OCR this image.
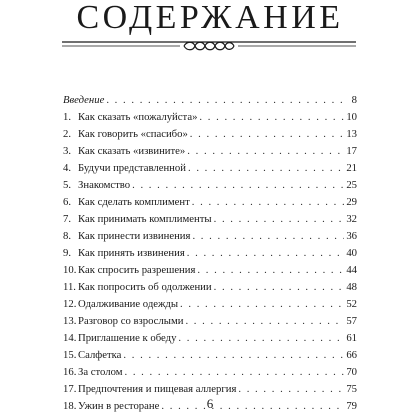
СОДЕРЖАНИЕ
Введение . . .	8
1. Как сказать «пожалуйста» . . .	10
2. Как говорить «спасибо» . . .	13
3. Как сказать «извините» . . .	17
4. Будучи представленной . . .	21
5. Знакомство . . .	25
6. Как сделать комплимент . . .	29
7. Как принимать комплименты . . .	32
8. Как принести извинения . . .	36
9. Как принять извинения . . .	40
10. Как спросить разрешения . . .	44
11. Как попросить об одолжении . . .	48
12. Одалживание одежды . . .	52
13. Разговор со взрослыми . . .	57
14. Приглашение к обеду . . .	61
15. Салфетка . . .	66
16. За столом . . .	70
17. Предпочтения и пищевая аллергия . . .	75
18. Ужин в ресторане . . .	79
6
